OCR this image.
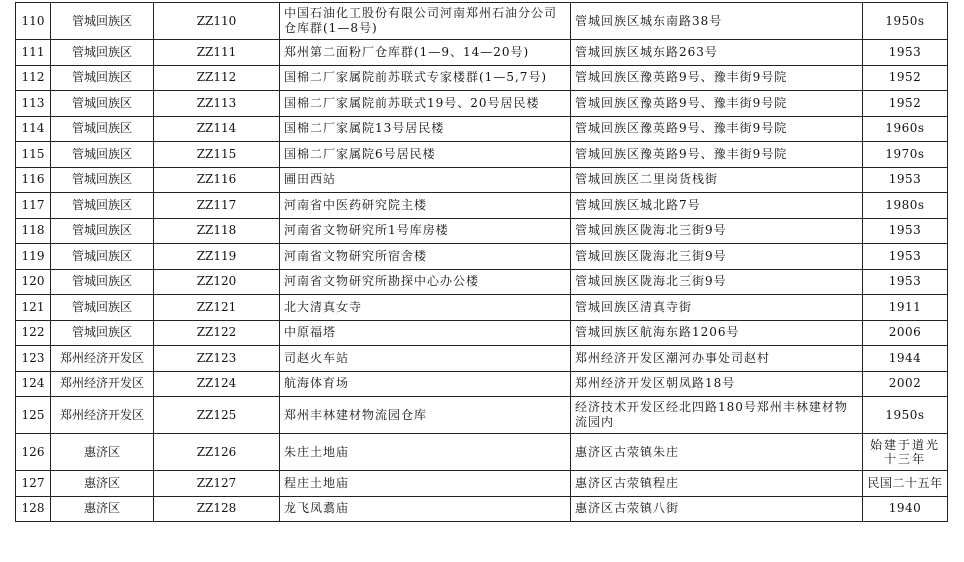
110	管城回族区	ZZ110	中国石油化工股份有限公司河南郑州石油分公司仓库群(1—8号)	管城回族区城东南路38号	1950s
111	管城回族区	ZZ111	郑州第二面粉厂仓库群(1—9、14—20号)	管城回族区城东路263号	1953
112	管城回族区	ZZ112	国棉二厂家属院前苏联式专家楼群(1—5,7号)	管城回族区豫英路9号、豫丰街9号院	1952
113	管城回族区	ZZ113	国棉二厂家属院前苏联式19号、20号居民楼	管城回族区豫英路9号、豫丰街9号院	1952
114	管城回族区	ZZ114	国棉二厂家属院13号居民楼	管城回族区豫英路9号、豫丰街9号院	1960s
115	管城回族区	ZZ115	国棉二厂家属院6号居民楼	管城回族区豫英路9号、豫丰街9号院	1970s
116	管城回族区	ZZ116	圃田西站	管城回族区二里岗货栈街	1953
117	管城回族区	ZZ117	河南省中医药研究院主楼	管城回族区城北路7号	1980s
118	管城回族区	ZZ118	河南省文物研究所1号库房楼	管城回族区陇海北三街9号	1953
119	管城回族区	ZZ119	河南省文物研究所宿舍楼	管城回族区陇海北三街9号	1953
120	管城回族区	ZZ120	河南省文物研究所勘探中心办公楼	管城回族区陇海北三街9号	1953
121	管城回族区	ZZ121	北大清真女寺	管城回族区清真寺街	1911
122	管城回族区	ZZ122	中原福塔	管城回族区航海东路1206号	2006
123	郑州经济开发区	ZZ123	司赵火车站	郑州经济开发区潮河办事处司赵村	1944
124	郑州经济开发区	ZZ124	航海体育场	郑州经济开发区朝凤路18号	2002
125	郑州经济开发区	ZZ125	郑州丰林建材物流园仓库	经济技术开发区经北四路180号郑州丰林建材物流园内	1950s
126	惠济区	ZZ126	朱庄土地庙	惠济区古荥镇朱庄	始建于道光十三年
127	惠济区	ZZ127	程庄土地庙	惠济区古荥镇程庄	民国二十五年
128	惠济区	ZZ128	龙飞凤翥庙	惠济区古荥镇八街	1940
